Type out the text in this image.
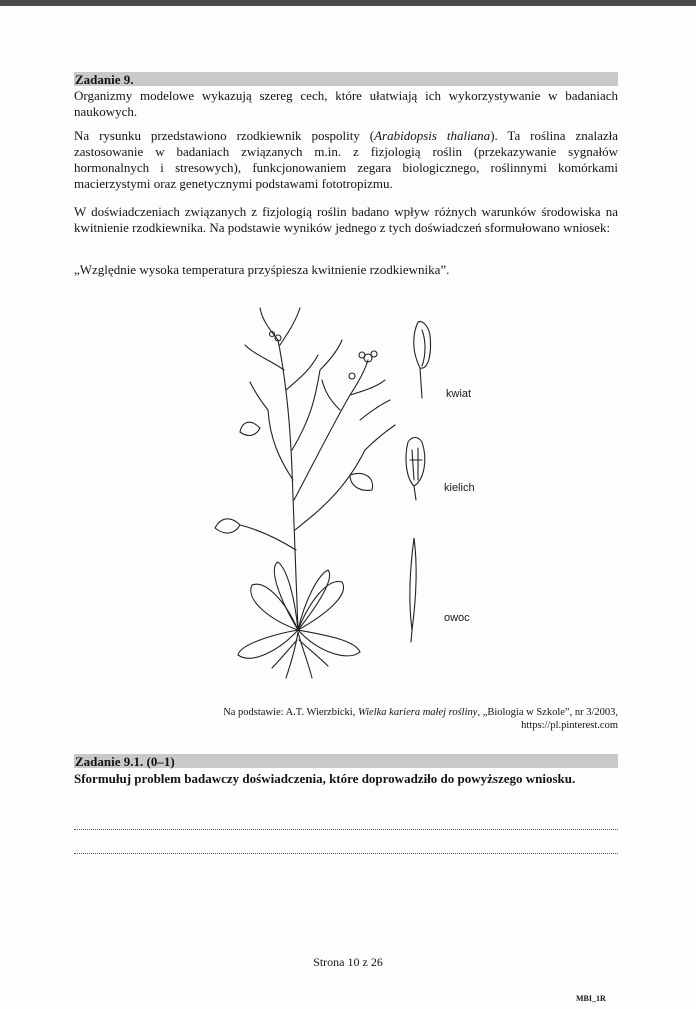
Zadanie 9.
Organizmy modelowe wykazują szereg cech, które ułatwiają ich wykorzystywanie w badaniach naukowych.
Na rysunku przedstawiono rzodkiewnik pospolity (Arabidopsis thaliana). Ta roślina znalazła zastosowanie w badaniach związanych m.in. z fizjologią roślin (przekazywanie sygnałów hormonalnych i stresowych), funkcjonowaniem zegara biologicznego, roślinnymi komórkami macierzystymi oraz genetycznymi podstawami fototropizmu.
W doświadczeniach związanych z fizjologią roślin badano wpływ różnych warunków środowiska na kwitnienie rzodkiewnika. Na podstawie wyników jednego z tych doświadczeń sformułowano wniosek:
„Względnie wysoka temperatura przyśpiesza kwitnienie rzodkiewnika”.
kwiat
kielich
owoc
Na podstawie: A.T. Wierzbicki, Wielka kariera małej rośliny, „Biologia w Szkole”, nr 3/2003,
https://pl.pinterest.com
Zadanie 9.1. (0–1)
Sformułuj problem badawczy doświadczenia, które doprowadziło do powyższego wniosku.
Strona 10 z 26
MBI_1R
